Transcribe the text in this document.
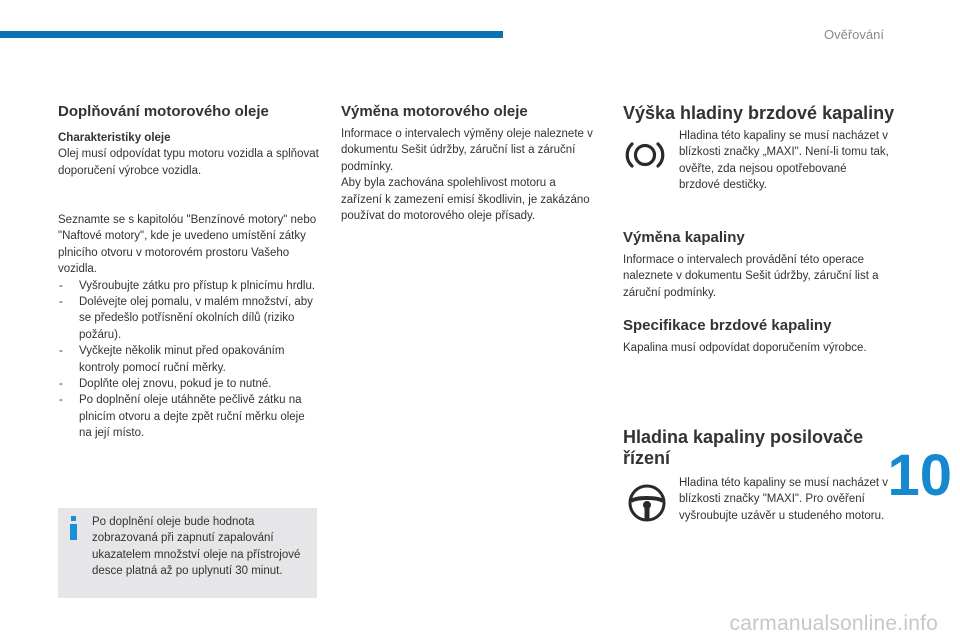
Ověřování
Doplňování motorového oleje

Charakteristiky oleje

Olej musí odpovídat typu motoru vozidla a splňovat doporučení výrobce vozidla.

Seznamte se s kapitolóu "Benzínové motory" nebo "Naftové motory", kde je uvedeno umístění zátky plnicího otvoru v motorovém prostoru Vašeho vozidla.

- Vyšroubujte zátku pro přístup k plnicímu hrdlu.
- Dolévejte olej pomalu, v malém množství, aby se předešlo potřísnění okolních dílů (riziko požáru).
- Vyčkejte několik minut před opakováním kontroly pomocí ruční měrky.
- Doplňte olej znovu, pokud je to nutné.
- Po doplnění oleje utáhněte pečlivě zátku na plnicím otvoru a dejte zpět ruční měrku oleje na její místo.

Po doplnění oleje bude hodnota zobrazovaná při zapnutí zapalování ukazatelem množství oleje na přístrojové desce platná až po uplynutí 30 minut.

Výměna motorového oleje

Informace o intervalech výměny oleje naleznete v dokumentu Sešit údržby, záruční list a záruční podmínky.

Aby byla zachována spolehlivost motoru a zařízení k zamezení emisí škodlivin, je zakázáno používat do motorového oleje přísady.

Výška hladiny brzdové kapaliny

Hladina této kapaliny se musí nacházet v blízkosti značky „MAXI". Není-li tomu tak, ověřte, zda nejsou opotřebované brzdové destičky.

Výměna kapaliny

Informace o intervalech provádění této operace naleznete v dokumentu Sešit údržby, záruční list a záruční podmínky.

Specifikace brzdové kapaliny

Kapalina musí odpovídat doporučením výrobce.

Hladina kapaliny posilovače řízení

Hladina této kapaliny se musí nacházet v blízkosti značky "MAXI". Pro ověření vyšroubujte uzávěr u studeného motoru.

10
carmanualsonline.info
